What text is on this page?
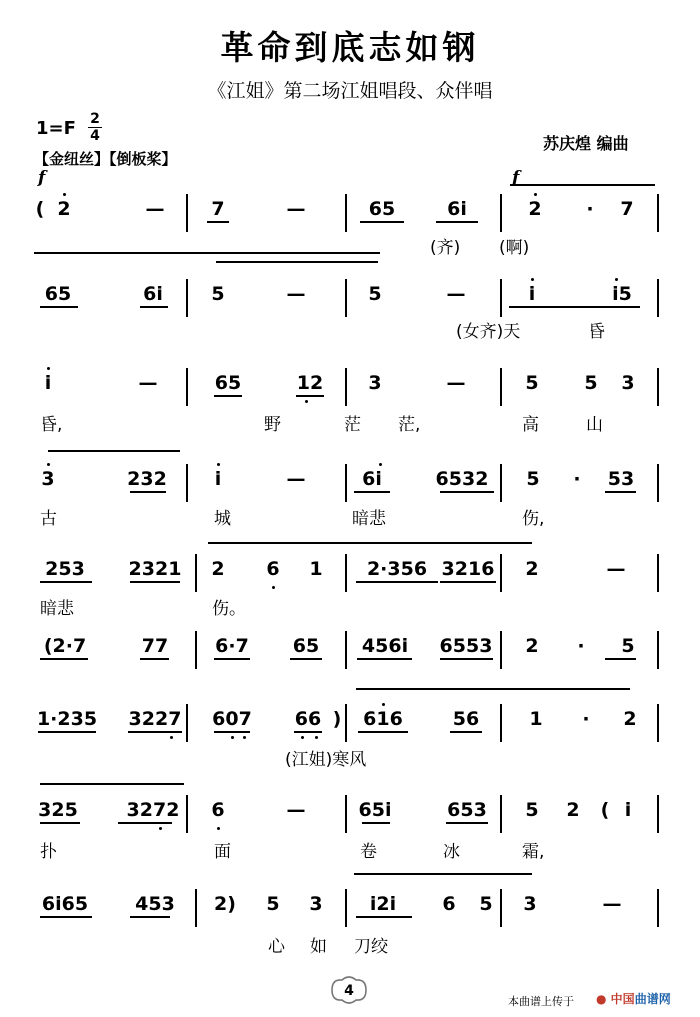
革命到底志如钢
《江姐》第二场江姐唱段、众伴唱
1=F 2
4	苏庆煌 编曲
【金纽丝】【倒板桨】
( 2	— 7	—	65	6i	2 · 7
(齐) (啊)
65	6i	5	—	5	—	i	i5
(女齐)天	昏
i	—	65	12 3	—	5 5 3
昏,	野	茫 茫,	高	山
3	232	i	—	6i	6532 5 · 53
古	城	暗悲	伤,
253 2321 2 6 1 2·356 3216 2	—
暗悲	伤。
(2·7	77 6·7 65 456i 6553 2 · 5
1·235 3227 607 66 ) 616	56	1 · 2
(江姐)寒风
325	3272 6	—	65i	653 5 2 ( i
扑	面	卷	冰	霜,
6i65 453 2) 5 3 i2i 6 5 3	—
心 如 刀绞
f	f
4
本曲谱上传于 ● 中国曲谱网
